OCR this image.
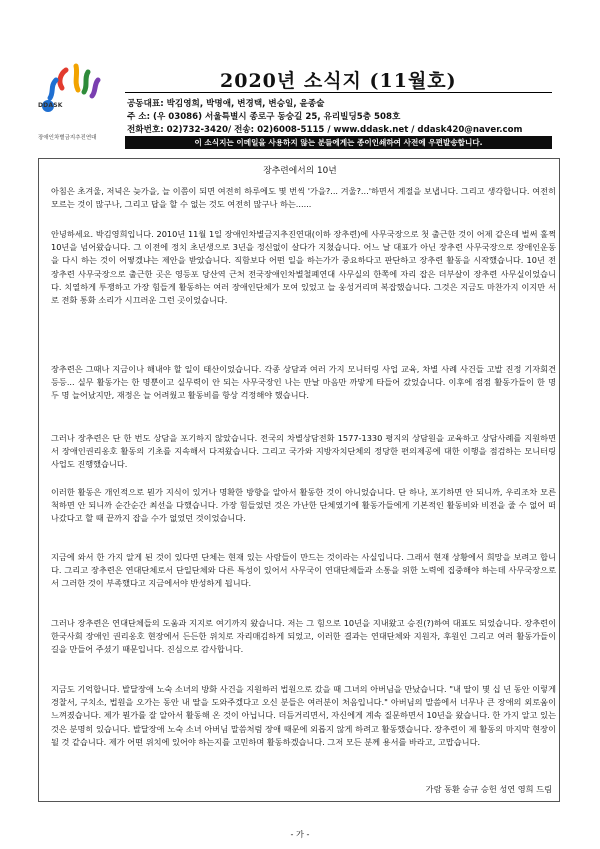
DDASK
장애인차별금지추진연대
2020년 소식지 (11월호)
공동대표: 박김영희, 박명애, 변경택, 변승일, 윤종술
주 소: (우 03086) 서울특별시 종로구 동숭길 25, 유리빌딩5층 508호
전화번호: 02)732-3420/ 전송: 02)6008-5115 / www.ddask.net / ddask420@naver.com
이 소식지는 이메일을 사용하지 않는 분들에게는 종이인쇄하여 사전에 우편발송합니다.
장추련에서의 10년

아침은 초겨울, 저녁은 늦가을, 늘 이쯤이 되면 여전히 하루에도 몇 번씩 '가을?... 겨울?...'하면서 계절을 보냅니다. 그리고 생각합니다. 여전히 모르는 것이 많구나, 그리고 답을 할 수 없는 것도 여전히 많구나 하는......

안녕하세요. 박김영희입니다. 2010년 11월 1일 장애인차별금지추진연대(이하 장추련)에 사무국장으로 첫 출근한 것이 어제 같은데 벌써 훌쩍 10년을 넘어왔습니다. 그 이전에 정치 초년생으로 3년을 정신없이 살다가 지쳤습니다. 어느 날 대표가 아닌 장추련 사무국장으로 장애인운동을 다시 하는 것이 어떻겠냐는 제안을 받았습니다. 직함보다 어떤 일을 하는가가 중요하다고 판단하고 장추련 활동을 시작했습니다. 10년 전 장추련 사무국장으로 출근한 곳은 영등포 당산역 근처 전국장애인차별철폐연대 사무실의 한쪽에 자리 잡은 더부살이 장추련 사무실이었습니다. 치열하게 투쟁하고 가장 힘들게 활동하는 여러 장애인단체가 모여 있었고 늘 웅성거리며 복잡했습니다. 그것은 지금도 마찬가지 이지만 서로 전화 통화 소리가 시끄러운 그런 곳이었습니다.

장추련은 그때나 지금이나 해내야 할 일이 태산이었습니다. 각종 상담과 여러 가지 모니터링 사업 교육, 차별 사례 사건들 고발 진정 기자회견 등등... 실무 활동가는 한 명뿐이고 실무력이 안 되는 사무국장인 나는 만날 마음만 까맣게 타들어 갔었습니다. 이후에 점점 활동가들이 한 명 두 명 늘어났지만, 재정은 늘 어려웠고 활동비를 항상 걱정해야 했습니다.

그러나 장추련은 단 한 번도 상담을 포기하지 않았습니다. 전국의 차별상담전화 1577-1330 평지의 상담원을 교육하고 상담사례를 지원하면서 장애인권리옹호 활동의 기초를 지속해서 다져왔습니다. 그리고 국가와 지방자치단체의 정당한 편의제공에 대한 이행을 점검하는 모니터링 사업도 진행했습니다.

이러한 활동은 개인적으로 뭔가 지식이 있거나 명확한 방향을 알아서 활동한 것이 아니었습니다. 단 하나, 포기하면 안 되니까, 우리조차 모른 척하면 안 되니까 순간순간 최선을 다했습니다. 가장 힘들었던 것은 가난한 단체였기에 활동가들에게 기본적인 활동비와 비전을 줄 수 없어 떠나갔다고 할 때 끝까지 잡을 수가 없었던 것이었습니다.

지금에 와서 한 가지 알게 된 것이 있다면 단체는 현재 있는 사람들이 만드는 것이라는 사실입니다. 그래서 현재 상황에서 희망을 보려고 합니다. 그리고 장추련은 연대단체로서 단일단체와 다른 특성이 있어서 사무국이 연대단체들과 소통을 위한 노력에 집중해야 하는데 사무국장으로서 그러한 것이 부족했다고 지금에서야 반성하게 됩니다.

그러나 장추련은 연대단체들의 도움과 지지로 여기까지 왔습니다. 저는 그 힘으로 10년을 지내왔고 승진(?)하여 대표도 되었습니다. 장추련이 한국사회 장애인 권리옹호 현장에서 든든한 위치로 자리매김하게 되었고, 이러한 결과는 연대단체와 지원자, 후원인 그리고 여러 활동가들이 길을 만들어 주셨기 때문입니다. 진심으로 감사합니다.

지금도 기억합니다. 발달장애 노숙 소녀의 방화 사건을 지원하러 법원으로 갔을 때 그녀의 아버님을 만났습니다. "내 딸이 몇 십 년 동안 이렇게 경찰서, 구치소, 법원을 오가는 동안 내 딸을 도와주겠다고 오신 분들은 여러분이 처음입니다." 아버님의 말씀에서 너무나 큰 장애의 외로움이 느껴졌습니다. 제가 뭔가를 잘 알아서 활동해 온 것이 아닙니다. 더듬거리면서, 자신에게 계속 질문하면서 10년을 왔습니다. 한 가지 알고 있는 것은 분명히 있습니다. 발달장애 노숙 소녀 아버님 말씀처럼 장애 때문에 외롭지 않게 하려고 활동했습니다. 장추련이 제 활동의 마지막 현장이 될 것 같습니다. 제가 어떤 위치에 있어야 하는지를 고민하며 활동하겠습니다. 그저 모든 분께 용서를 바라고, 고맙습니다.

가람 동환 승규 승헌 성연 영희 드림
- 가 -
